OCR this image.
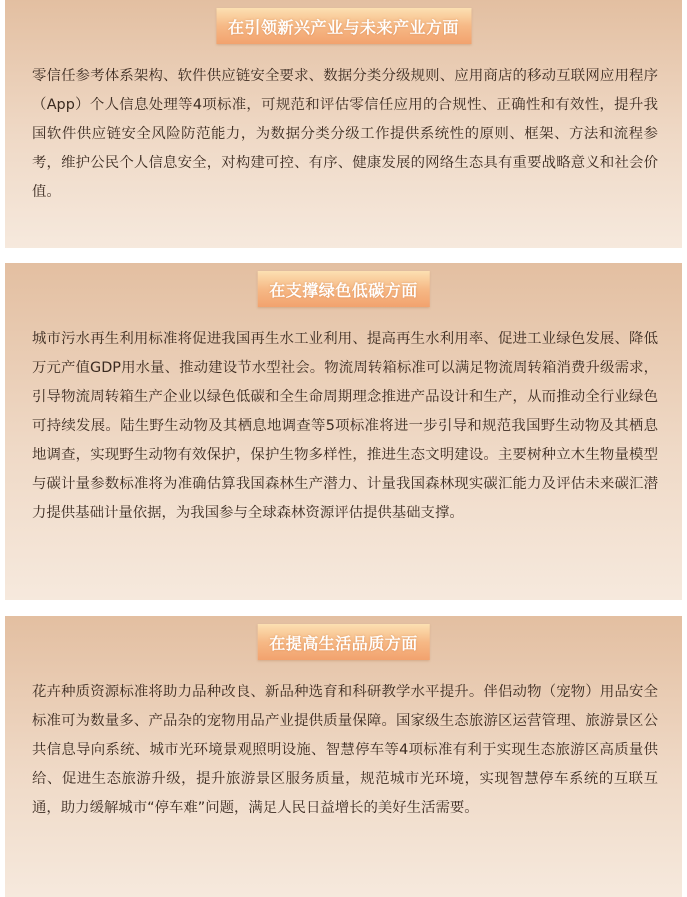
在引领新兴产业与未来产业方面

零信任参考体系架构、软件供应链安全要求、数据分类分级规则、应用商店的移动互联网应用程序（App）个人信息处理等4项标准，可规范和评估零信任应用的合规性、正确性和有效性，提升我国软件供应链安全风险防范能力，为数据分类分级工作提供系统性的原则、框架、方法和流程参考，维护公民个人信息安全，对构建可控、有序、健康发展的网络生态具有重要战略意义和社会价值。

在支撑绿色低碳方面

城市污水再生利用标准将促进我国再生水工业利用、提高再生水利用率、促进工业绿色发展、降低万元产值GDP用水量、推动建设节水型社会。物流周转箱标准可以满足物流周转箱消费升级需求，引导物流周转箱生产企业以绿色低碳和全生命周期理念推进产品设计和生产，从而推动全行业绿色可持续发展。陆生野生动物及其栖息地调查等5项标准将进一步引导和规范我国野生动物及其栖息地调查，实现野生动物有效保护，保护生物多样性，推进生态文明建设。主要树种立木生物量模型与碳计量参数标准将为准确估算我国森林生产潜力、计量我国森林现实碳汇能力及评估未来碳汇潜力提供基础计量依据，为我国参与全球森林资源评估提供基础支撑。

在提高生活品质方面

花卉种质资源标准将助力品种改良、新品种选育和科研教学水平提升。伴侣动物（宠物）用品安全标准可为数量多、产品杂的宠物用品产业提供质量保障。国家级生态旅游区运营管理、旅游景区公共信息导向系统、城市光环境景观照明设施、智慧停车等4项标准有利于实现生态旅游区高质量供给、促进生态旅游升级，提升旅游景区服务质量，规范城市光环境，实现智慧停车系统的互联互通，助力缓解城市“停车难”问题，满足人民日益增长的美好生活需要。
